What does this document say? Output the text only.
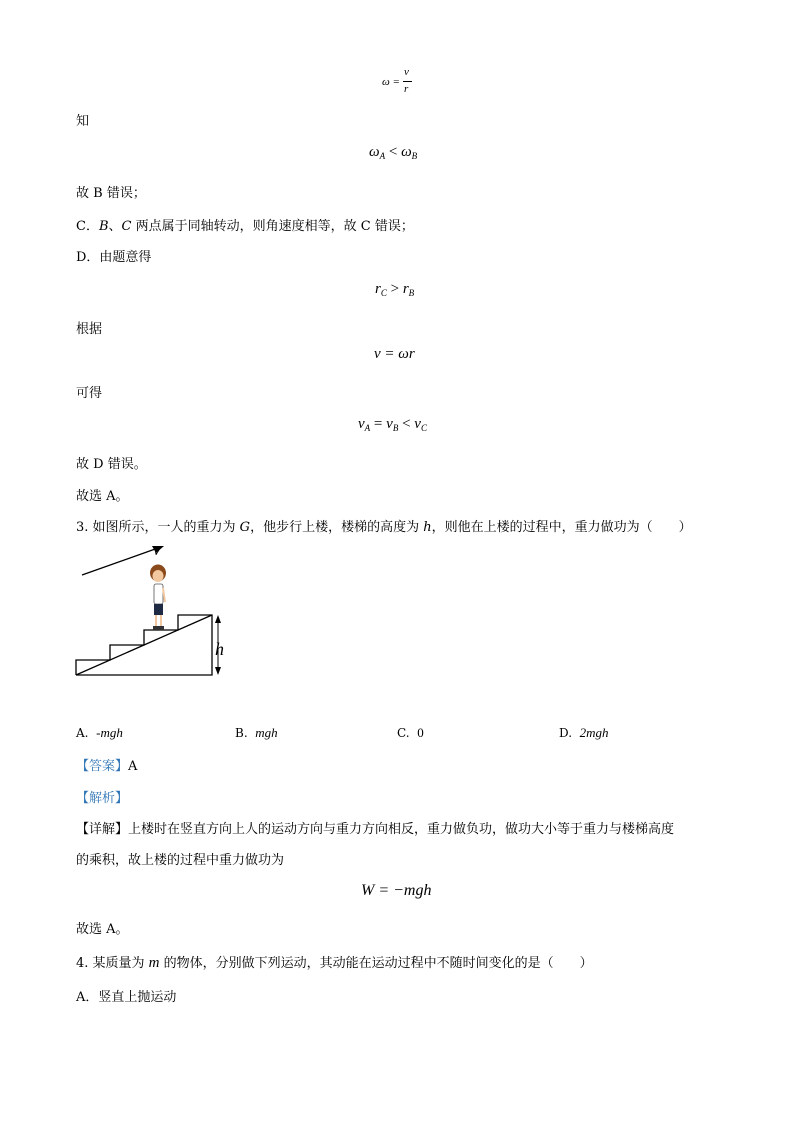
ω =
v
r
知
$\omega_A < \omega_B$
故 B 错误；
C．B、C 两点属于同轴转动，则角速度相等，故 C 错误；
D．由题意得
$r_C > r_B$
根据
v = ωr
可得
$v_A = v_B < v_C$
故 D 错误。
故选 A。
3. 如图所示，一人的重力为 G，他步行上楼，楼梯的高度为 h，则他在上楼的过程中，重力做功为（　　）
v
h
A. -mgh	B. mgh	C. 0	D. 2mgh
【答案】A
【解析】
【详解】上楼时在竖直方向上人的运动方向与重力方向相反，重力做负功，做功大小等于重力与楼梯高度
的乘积，故上楼的过程中重力做功为
W = −mgh
故选 A。
4. 某质量为 m 的物体，分别做下列运动，其动能在运动过程中不随时间变化的是（　　）
A．竖直上抛运动
